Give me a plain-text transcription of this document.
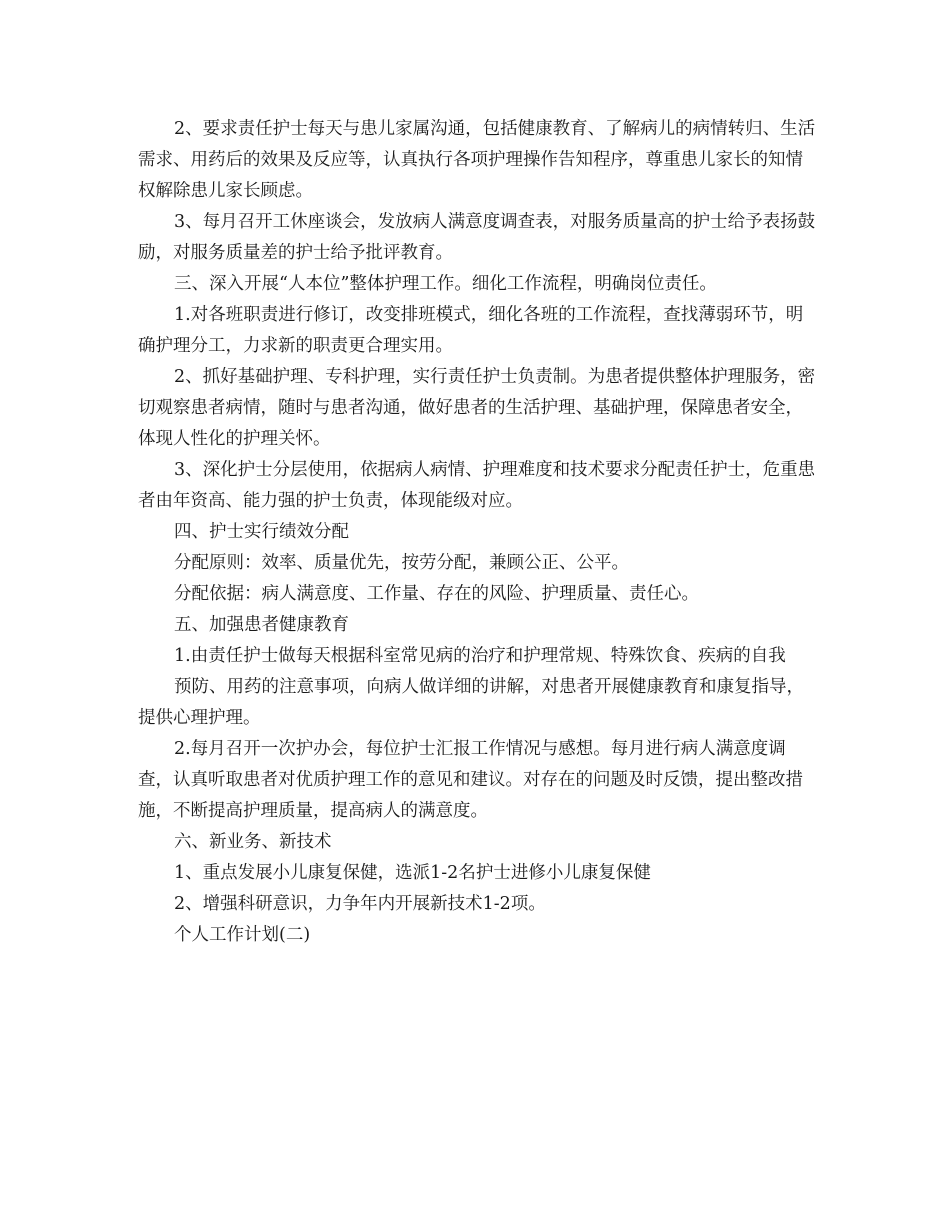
2、要求责任护士每天与患儿家属沟通，包括健康教育、了解病儿的病情转归、生活需求、用药后的效果及反应等，认真执行各项护理操作告知程序，尊重患儿家长的知情权解除患儿家长顾虑。

3、每月召开工休座谈会，发放病人满意度调查表，对服务质量高的护士给予表扬鼓励，对服务质量差的护士给予批评教育。

三、深入开展“人本位”整体护理工作。细化工作流程，明确岗位责任。

1.对各班职责进行修订，改变排班模式，细化各班的工作流程，查找薄弱环节，明确护理分工，力求新的职责更合理实用。

2、抓好基础护理、专科护理，实行责任护士负责制。为患者提供整体护理服务，密切观察患者病情，随时与患者沟通，做好患者的生活护理、基础护理，保障患者安全，体现人性化的护理关怀。

3、深化护士分层使用，依据病人病情、护理难度和技术要求分配责任护士，危重患者由年资高、能力强的护士负责，体现能级对应。

四、护士实行绩效分配

分配原则：效率、质量优先，按劳分配，兼顾公正、公平。

分配依据：病人满意度、工作量、存在的风险、护理质量、责任心。

五、加强患者健康教育

1.由责任护士做每天根据科室常见病的治疗和护理常规、特殊饮食、疾病的自我

预防、用药的注意事项，向病人做详细的讲解，对患者开展健康教育和康复指导，提供心理护理。

2.每月召开一次护办会，每位护士汇报工作情况与感想。每月进行病人满意度调查，认真听取患者对优质护理工作的意见和建议。对存在的问题及时反馈，提出整改措施，不断提高护理质量，提高病人的满意度。

六、新业务、新技术

1、重点发展小儿康复保健，选派1-2名护士进修小儿康复保健

2、增强科研意识，力争年内开展新技术1-2项。

个人工作计划(二)
